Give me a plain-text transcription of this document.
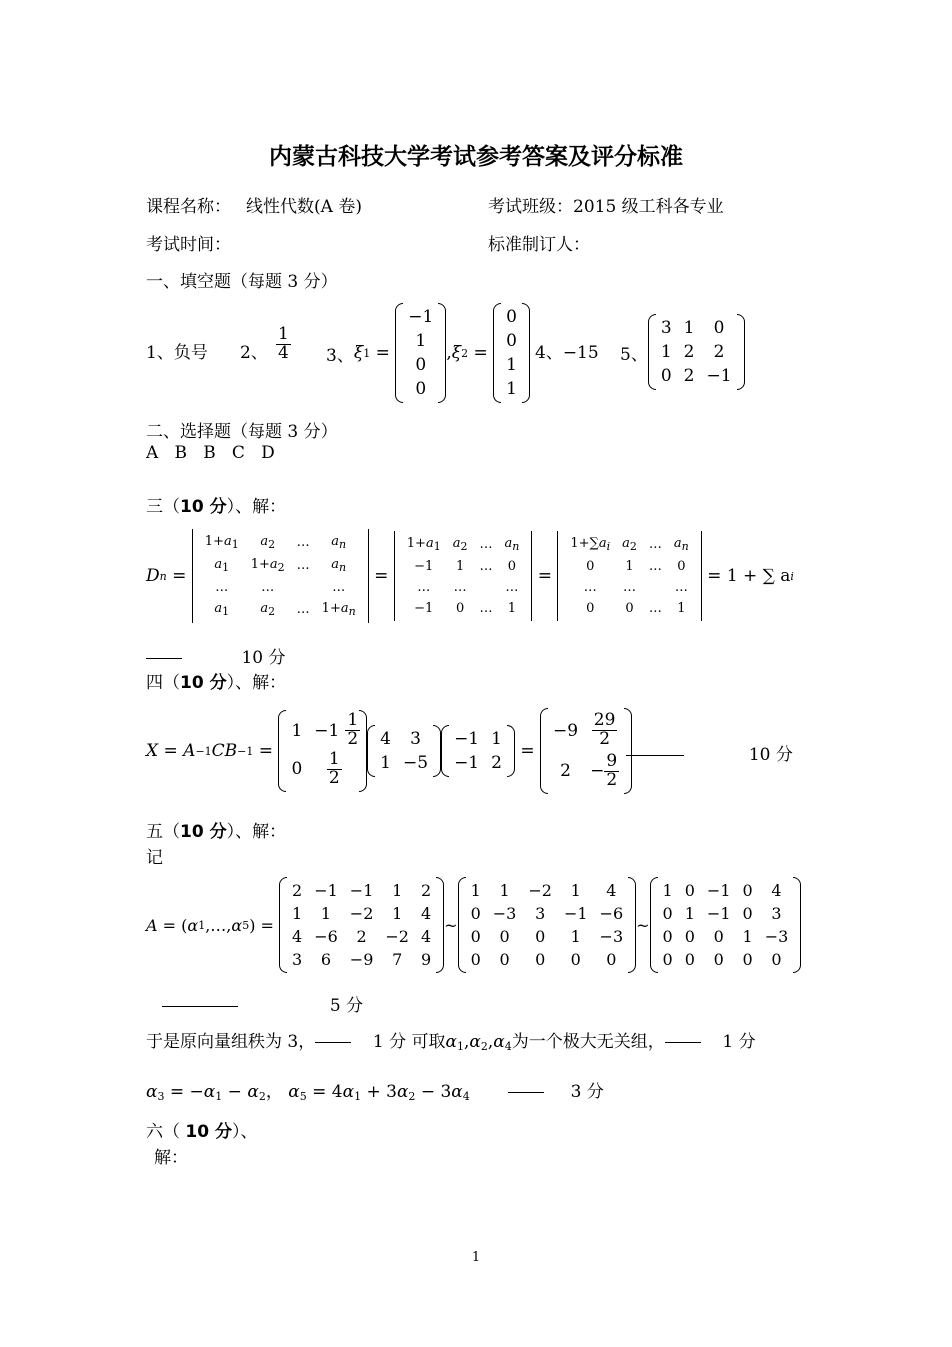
内蒙古科技大学考试参考答案及评分标准
课程名称： 线性代数(A 卷)	考试班级：2015 级工科各专业
考试时间：	标准制订人：
一、填空题（每题 3 分）
1、负号 2、 $\frac{1}{4} 3$、 ξ 1 =
−1
1
0
0
, ξ 2 =
0
0
1
1
4、−15 5、
3	1	0
1	2	2
0	2	−1
二、选择题（每题 3 分）
A   B   B   C   D
三（10 分）、解：
D n =
$1+a_1$	$a_2$	…	$a_n$
$a_1$	$1+a_2$	…	$a_n$
…	…		…
$a_1$	$a_2$	…	$1+a_n$
=
$1+a_1$	$a_2$	…	$a_n$
−1	1	…	0
…	…		…
−1	0	…	1
=
$1+\sum a_i$	$a_2$	…	$a_n$
0	1	…	0
…	…		…
0	0	…	1

= 1 + ∑ a i
10 分
四（10 分）、解：
X = A −1 CB −1 =
1	−1	$\frac{1}{2}$

0	$\frac{1}{2}$
4	3
1	−5
−1	1
−1	2
=
−9	$\frac{29}{2}$

2	− $\frac{9}{2}$	10 分
五（10 分）、解：
记
A = ( α 1 ,…, α 5 ) =
2	−1	−1	1	2
1	1	−2	1	4
4	−6	2	−2	4
3	6	−9	7	9
~
1	1	−2	1	4
0	−3	3	−1	−6
0	0	0	1	−3
0	0	0	0	0
~
1	0	−1	0	4
0	1	−1	0	3
0	0	0	1	−3
0	0	0	0	0
5 分
于是原向量组秩为 3，	1 分 可取$\alpha_1,\alpha_2,\alpha_4$为一个极大无关组，	1 分
$\alpha_3 = -\alpha_1 - \alpha_2$， $\alpha_5 = 4\alpha_1 + 3\alpha_2 - 3\alpha_4$	3 分
六（ 10 分）、
解：
1
